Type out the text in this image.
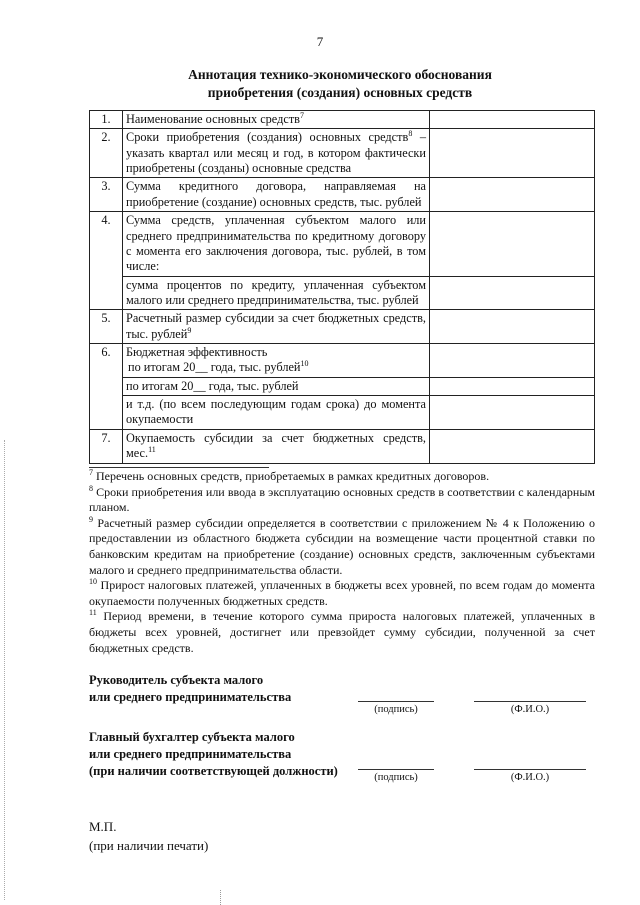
7
Аннотация технико-экономического обоснования
приобретения (создания) основных средств
1.	Наименование основных средств$^7$	
2.	Сроки приобретения (создания) основных средств$^8$ – указать квартал или месяц и год, в котором фактически приобретены (созданы) основные средства	
3.	Сумма кредитного договора, направляемая на приобретение (создание) основных средств, тыс. рублей	
4.	Сумма средств, уплаченная субъектом малого или среднего предпринимательства по кредитному договору с момента его заключения договора, тыс. рублей, в том числе:	
	сумма процентов по кредиту, уплаченная субъектом малого или среднего предпринимательства, тыс. рублей	
5.	Расчетный размер субсидии за счет бюджетных средств, тыс. рублей$^9$	
6.	Бюджетная эффективность
по итогам 20__ года, тыс. рублей$^{10}$

	по итогам 20__ года, тыс. рублей	
	и т.д. (по всем последующим годам срока) до момента окупаемости	
7.	Окупаемость субсидии за счет бюджетных средств, мес.$^{11}$	

$^7$ Перечень основных средств, приобретаемых в рамках кредитных договоров.

$^8$ Сроки приобретения или ввода в эксплуатацию основных средств в соответствии с календарным планом.

$^9$ Расчетный размер субсидии определяется в соответствии с приложением № 4 к Положению о предоставлении из областного бюджета субсидии на возмещение части процентной ставки по банковским кредитам на приобретение (создание) основных средств, заключенным субъектами малого и среднего предпринимательства области.

$^{10}$ Прирост налоговых платежей, уплаченных в бюджеты всех уровней, по всем годам до момента окупаемости полученных бюджетных средств.

$^{11}$ Период времени, в течение которого сумма прироста налоговых платежей, уплаченных в бюджеты всех уровней, достигнет или превзойдет сумму субсидии, полученной за счет бюджетных средств.

Руководитель субъекта малого
или среднего предпринимательства
(подпись)	(Ф.И.О.)
Главный бухгалтер субъекта малого
или среднего предпринимательства
(при наличии соответствующей должности)	(подпись)	(Ф.И.О.)
М.П.
(при наличии печати)
